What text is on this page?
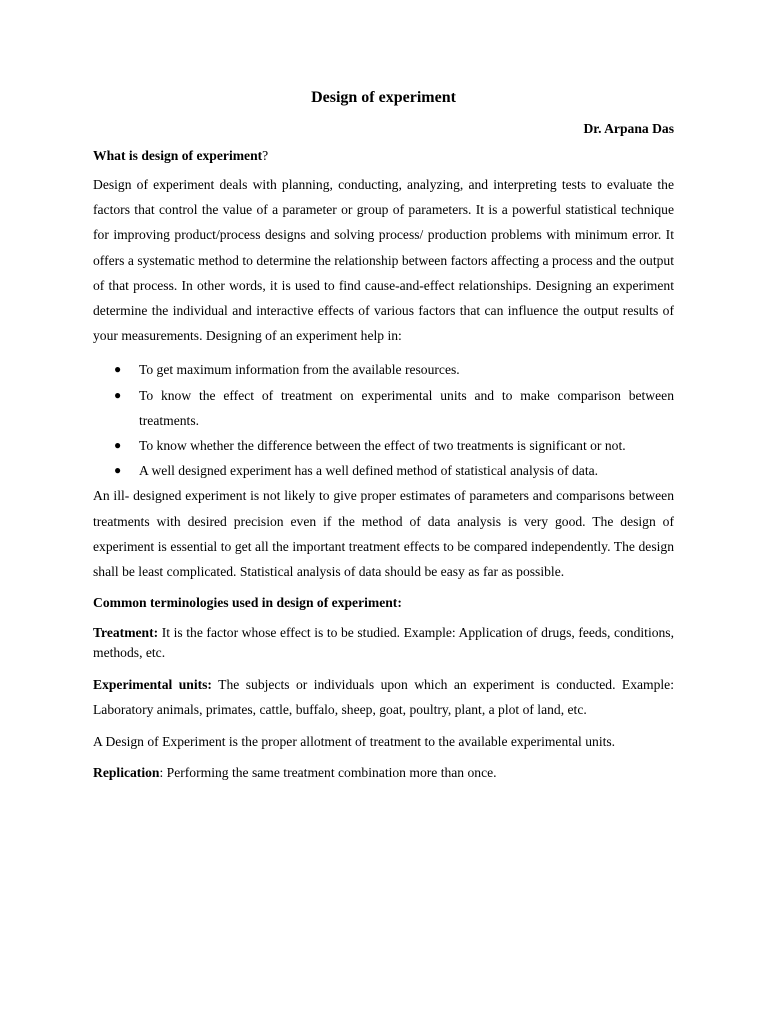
Design of experiment
Dr. Arpana Das
What is design of experiment?

Design of experiment deals with planning, conducting, analyzing, and interpreting tests to evaluate the factors that control the value of a parameter or group of parameters. It is a powerful statistical technique for improving product/process designs and solving process/ production problems with minimum error. It offers a systematic method to determine the relationship between factors affecting a process and the output of that process. In other words, it is used to find cause-and-effect relationships. Designing an experiment determine the individual and interactive effects of various factors that can influence the output results of your measurements. Designing of an experiment help in:

● To get maximum information from the available resources.
● To know the effect of treatment on experimental units and to make comparison between treatments.
● To know whether the difference between the effect of two treatments is significant or not.
● A well designed experiment has a well defined method of statistical analysis of data.

An ill- designed experiment is not likely to give proper estimates of parameters and comparisons between treatments with desired precision even if the method of data analysis is very good. The design of experiment is essential to get all the important treatment effects to be compared independently. The design shall be least complicated. Statistical analysis of data should be easy as far as possible.

Common terminologies used in design of experiment:

Treatment: It is the factor whose effect is to be studied. Example: Application of drugs, feeds, conditions, methods, etc.

Experimental units: The subjects or individuals upon which an experiment is conducted. Example: Laboratory animals, primates, cattle, buffalo, sheep, goat, poultry, plant, a plot of land, etc.

A Design of Experiment is the proper allotment of treatment to the available experimental units.

Replication: Performing the same treatment combination more than once.
